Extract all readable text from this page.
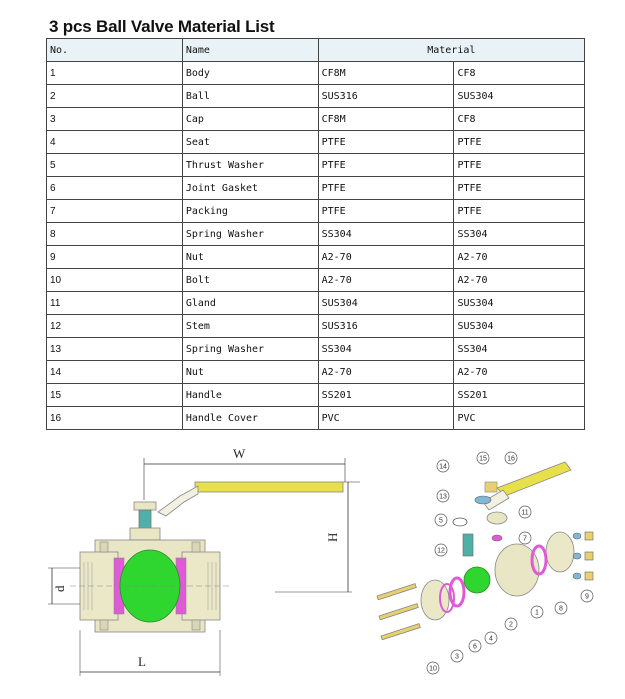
3 pcs Ball Valve Material List
No.	Name	Material	
1	Body	CF8M	CF8
2	Ball	SUS316	SUS304
3	Cap	CF8M	CF8
4	Seat	PTFE	PTFE
5	Thrust Washer	PTFE	PTFE
6	Joint Gasket	PTFE	PTFE
7	Packing	PTFE	PTFE
8	Spring Washer	SS304	SS304
9	Nut	A2-70	A2-70
10	Bolt	A2-70	A2-70
11	Gland	SUS304	SUS304
12	Stem	SUS316	SUS304
13	Spring Washer	SS304	SS304
14	Nut	A2-70	A2-70
15	Handle	SS201	SS201
16	Handle Cover	PVC	PVC
W
H
d
L
1
2
3
4
5
6
7
8
9
10
11
12
13
14
15	16
